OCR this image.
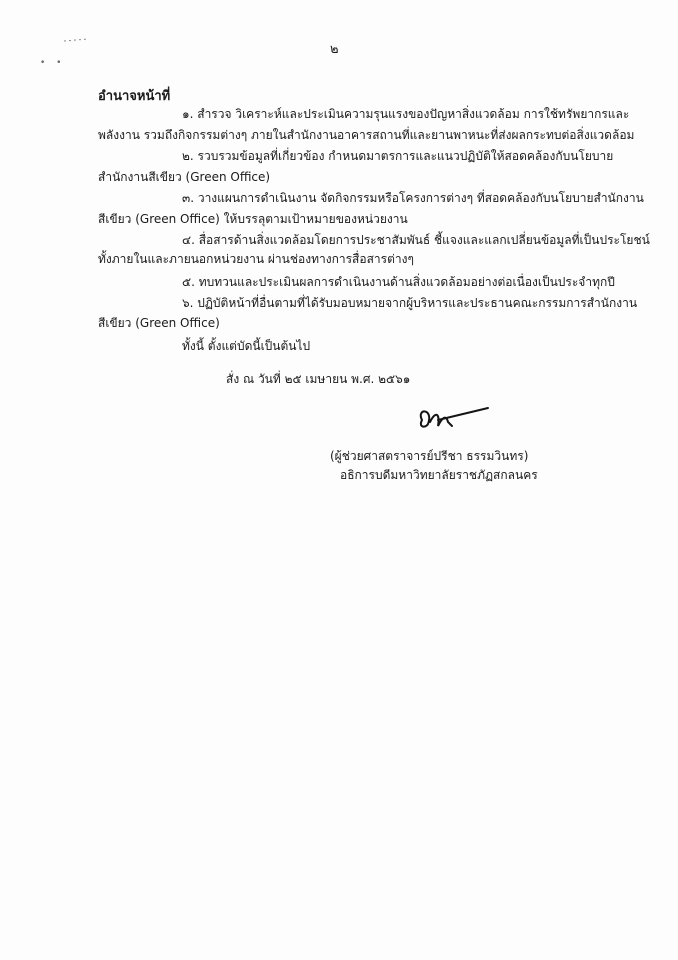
• •
๒
อำนาจหน้าที่
๑. สำรวจ วิเคราะห์และประเมินความรุนแรงของปัญหาสิ่งแวดล้อม การใช้ทรัพยากรและ
พลังงาน รวมถึงกิจกรรมต่างๆ ภายในสำนักงานอาคารสถานที่และยานพาหนะที่ส่งผลกระทบต่อสิ่งแวดล้อม
๒. รวบรวมข้อมูลที่เกี่ยวข้อง กำหนดมาตรการและแนวปฏิบัติให้สอดคล้องกับนโยบาย
สำนักงานสีเขียว (Green Office)
๓. วางแผนการดำเนินงาน จัดกิจกรรมหรือโครงการต่างๆ ที่สอดคล้องกับนโยบายสำนักงาน
สีเขียว (Green Office) ให้บรรลุตามเป้าหมายของหน่วยงาน
๔. สื่อสารด้านสิ่งแวดล้อมโดยการประชาสัมพันธ์ ชี้แจงและแลกเปลี่ยนข้อมูลที่เป็นประโยชน์
ทั้งภายในและภายนอกหน่วยงาน ผ่านช่องทางการสื่อสารต่างๆ
๕. ทบทวนและประเมินผลการดำเนินงานด้านสิ่งแวดล้อมอย่างต่อเนื่องเป็นประจำทุกปี
๖. ปฏิบัติหน้าที่อื่นตามที่ได้รับมอบหมายจากผู้บริหารและประธานคณะกรรมการสำนักงาน
สีเขียว (Green Office)
ทั้งนี้ ตั้งแต่บัดนี้เป็นต้นไป
สั่ง ณ วันที่ ๒๕ เมษายน พ.ศ. ๒๕๖๑
(ผู้ช่วยศาสตราจารย์ปรีชา ธรรมวินทร)
อธิการบดีมหาวิทยาลัยราชภัฏสกลนคร
